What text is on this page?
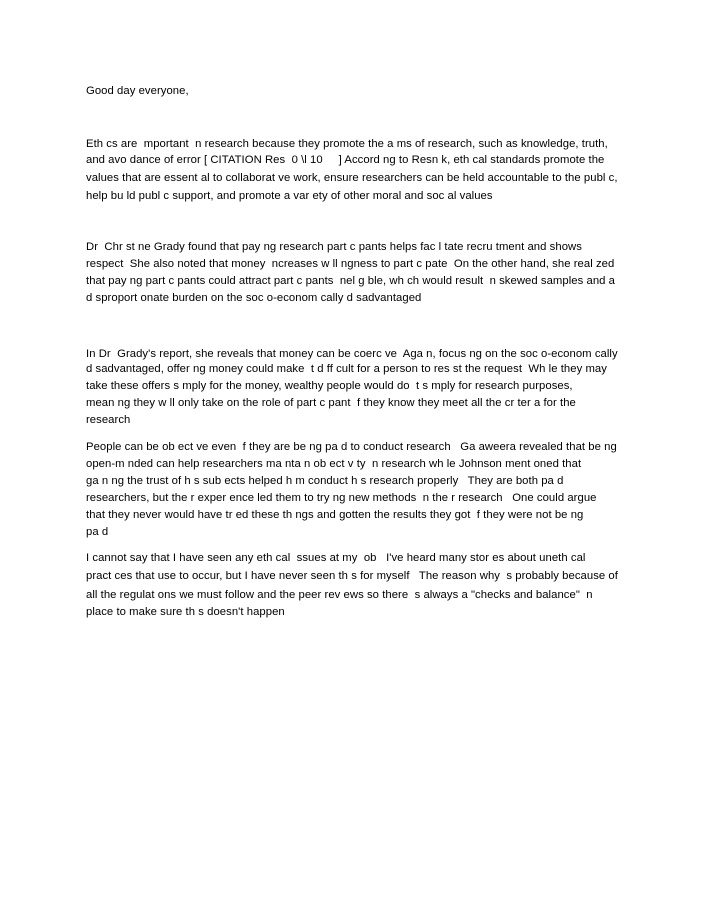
Good day everyone,
Eth cs are  mportant  n research because they promote the a ms of research, such as knowledge, truth,
and avo dance of error [ CITATION Res  0 \l 10     ] Accord ng to Resn k, eth cal standards promote the
values that are essent al to collaborat ve work, ensure researchers can be held accountable to the publ c,
help bu ld publ c support, and promote a var ety of other moral and soc al values
Dr  Chr st ne Grady found that pay ng research part c pants helps fac l tate recru tment and shows
respect  She also noted that money  ncreases w ll ngness to part c pate  On the other hand, she real zed
that pay ng part c pants could attract part c pants  nel g ble, wh ch would result  n skewed samples and a
d sproport onate burden on the soc o-econom cally d sadvantaged
In Dr  Grady's report, she reveals that money can be coerc ve  Aga n, focus ng on the soc o-econom cally
d sadvantaged, offer ng money could make  t d ff cult for a person to res st the request  Wh le they may
take these offers s mply for the money, wealthy people would do  t s mply for research purposes,
mean ng they w ll only take on the role of part c pant  f they know they meet all the cr ter a for the
research
People can be ob ect ve even  f they are be ng pa d to conduct research   Ga aweera revealed that be ng
open-m nded can help researchers ma nta n ob ect v ty  n research wh le Johnson ment oned that
ga n ng the trust of h s sub ects helped h m conduct h s research properly   They are both pa d
researchers, but the r exper ence led them to try ng new methods  n the r research   One could argue
that they never would have tr ed these th ngs and gotten the results they got  f they were not be ng
pa d
I cannot say that I have seen any eth cal  ssues at my  ob   I've heard many stor es about uneth cal
pract ces that use to occur, but I have never seen th s for myself   The reason why  s probably because of
all the regulat ons we must follow and the peer rev ews so there  s always a "checks and balance"  n
place to make sure th s doesn't happen
